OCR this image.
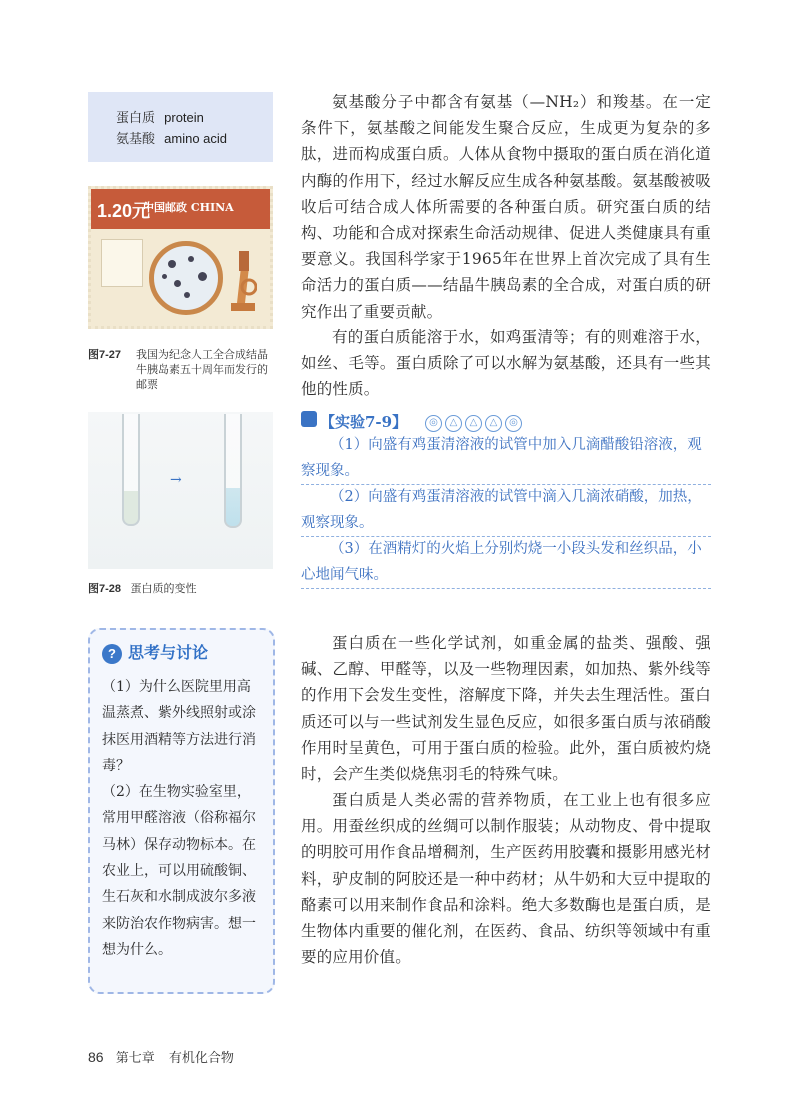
蛋白质 protein
氨基酸 amino acid
1.20元
中国邮政 CHINA
图7-27	我国为纪念人工全合成结晶牛胰岛素五十周年而发行的邮票
→
图7-28 蛋白质的变性
氨基酸分子中都含有氨基（—NH₂）和羧基。在一定条件下，氨基酸之间能发生聚合反应，生成更为复杂的多肽，进而构成蛋白质。人体从食物中摄取的蛋白质在消化道内酶的作用下，经过水解反应生成各种氨基酸。氨基酸被吸收后可结合成人体所需要的各种蛋白质。研究蛋白质的结构、功能和合成对探索生命活动规律、促进人类健康具有重要意义。我国科学家于1965年在世界上首次完成了具有生命活力的蛋白质——结晶牛胰岛素的全合成，对蛋白质的研究作出了重要贡献。
有的蛋白质能溶于水，如鸡蛋清等；有的则难溶于水，如丝、毛等。蛋白质除了可以水解为氨基酸，还具有一些其他的性质。
【实验7-9】	◎ △ △ △ ◎
（1）向盛有鸡蛋清溶液的试管中加入几滴醋酸铅溶液，观察现象。
（2）向盛有鸡蛋清溶液的试管中滴入几滴浓硝酸，加热，观察现象。
（3）在酒精灯的火焰上分别灼烧一小段头发和丝织品，小心地闻气味。
? 思考与讨论
（1）为什么医院里用高温蒸煮、紫外线照射或涂抹医用酒精等方法进行消毒？
（2）在生物实验室里，常用甲醛溶液（俗称福尔马林）保存动物标本。在农业上，可以用硫酸铜、生石灰和水制成波尔多液来防治农作物病害。想一想为什么。
蛋白质在一些化学试剂，如重金属的盐类、强酸、强碱、乙醇、甲醛等，以及一些物理因素，如加热、紫外线等的作用下会发生变性，溶解度下降，并失去生理活性。蛋白质还可以与一些试剂发生显色反应，如很多蛋白质与浓硝酸作用时呈黄色，可用于蛋白质的检验。此外，蛋白质被灼烧时，会产生类似烧焦羽毛的特殊气味。
蛋白质是人类必需的营养物质，在工业上也有很多应用。用蚕丝织成的丝绸可以制作服装；从动物皮、骨中提取的明胶可用作食品增稠剂，生产医药用胶囊和摄影用感光材料，驴皮制的阿胶还是一种中药材；从牛奶和大豆中提取的酪素可以用来制作食品和涂料。绝大多数酶也是蛋白质，是生物体内重要的催化剂，在医药、食品、纺织等领域中有重要的应用价值。
86 第七章 有机化合物
